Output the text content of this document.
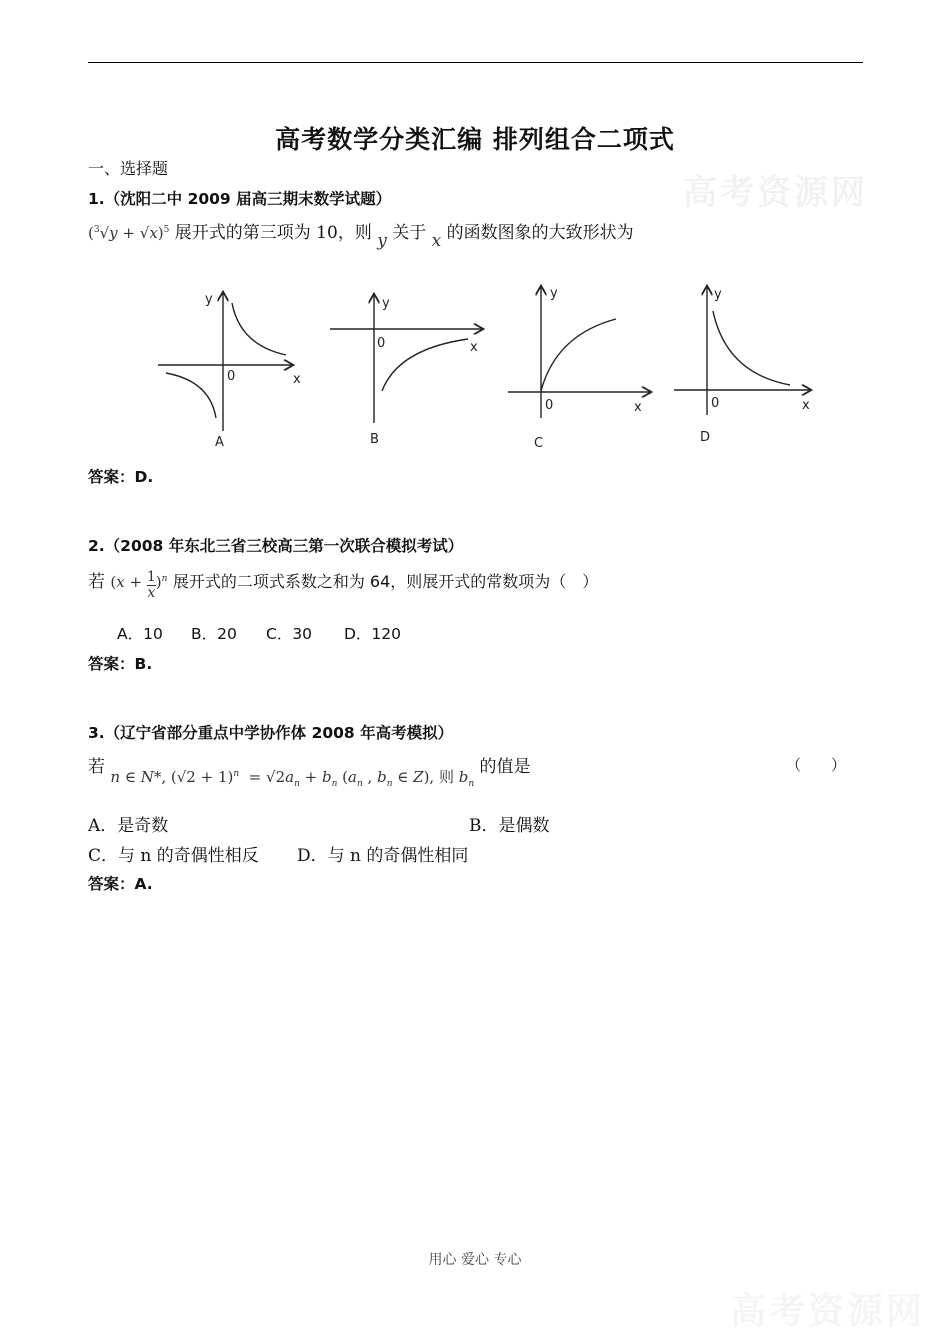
高考资源网
高考数学分类汇编 排列组合二项式
一、选择题
1.（沈阳二中 2009 届高三期末数学试题）
$(^3√y + √x)^5$ 展开式的第三项为 10，则 y 关于 x 的函数图象的大致形状为
y
0	x
A
y
0	x
B
y
0	x
C
y
0	x
D
答案：D.
2.（2008 年东北三省三校高三第一次联合模拟考试）
若 $(x + \frac{1}{x} )^n$ 展开式的二项式系数之和为 64，则展开式的常数项为（　）
A．10 B．20 C．30 D．120
答案：B.
3.（辽宁省部分重点中学协作体 2008 年高考模拟）
若 n ∈ N*, $(√2 + 1)^n = √2a_n + b_n$ ($a_n$ , $b_n$ ∈ Z), 则 $b_n$ 的值是	（　　）
A．是奇数	B．是偶数
C．与 n 的奇偶性相反 D．与 n 的奇偶性相同
答案：A.
用心 爱心 专心
高考资源网
